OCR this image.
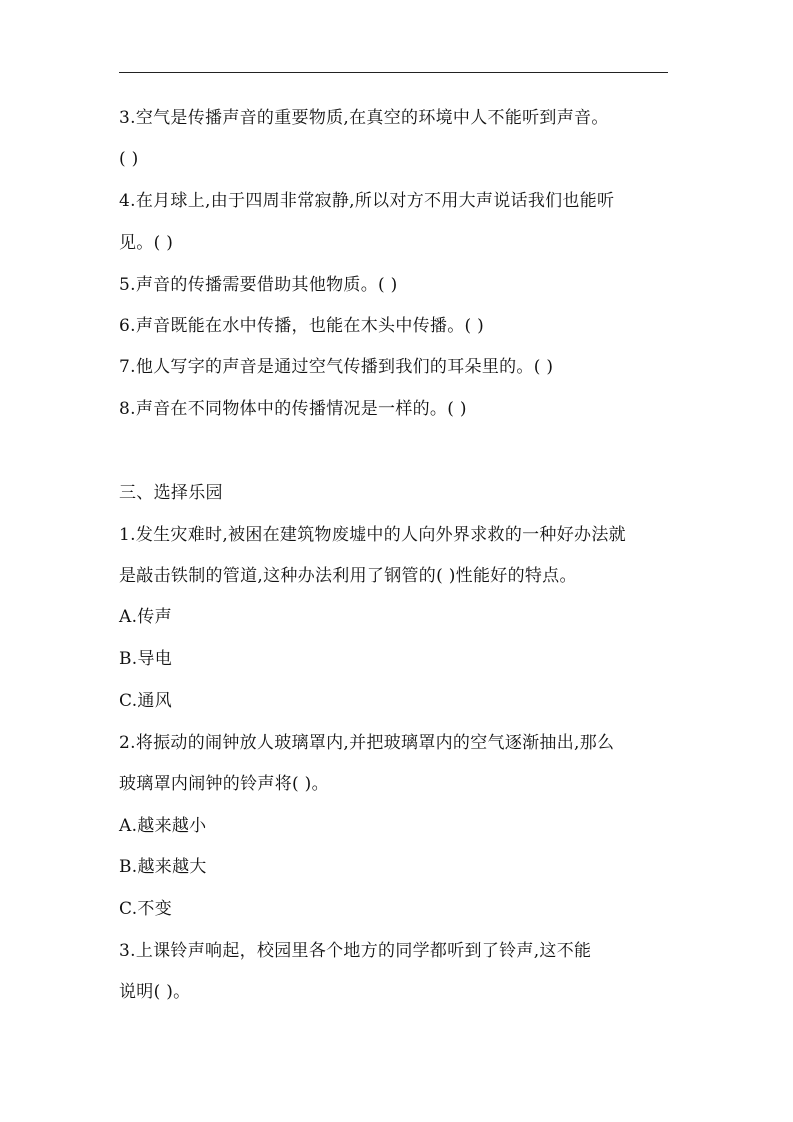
3.空气是传播声音的重要物质,在真空的环境中人不能听到声音。
( )
4.在月球上,由于四周非常寂静,所以对方不用大声说话我们也能听
见。( )
5.声音的传播需要借助其他物质。( )
6.声音既能在水中传播，也能在木头中传播。( )
7.他人写字的声音是通过空气传播到我们的耳朵里的。( )
8.声音在不同物体中的传播情况是一样的。( )
三、选择乐园
1.发生灾难时,被困在建筑物废墟中的人向外界求救的一种好办法就
是敲击铁制的管道,这种办法利用了钢管的( )性能好的特点。
A.传声
B.导电
C.通风
2.将振动的闹钟放人玻璃罩内,并把玻璃罩内的空气逐渐抽出,那么
玻璃罩内闹钟的铃声将( )。
A.越来越小
B.越来越大
C.不变
3.上课铃声响起，校园里各个地方的同学都听到了铃声,这不能
说明( )。
